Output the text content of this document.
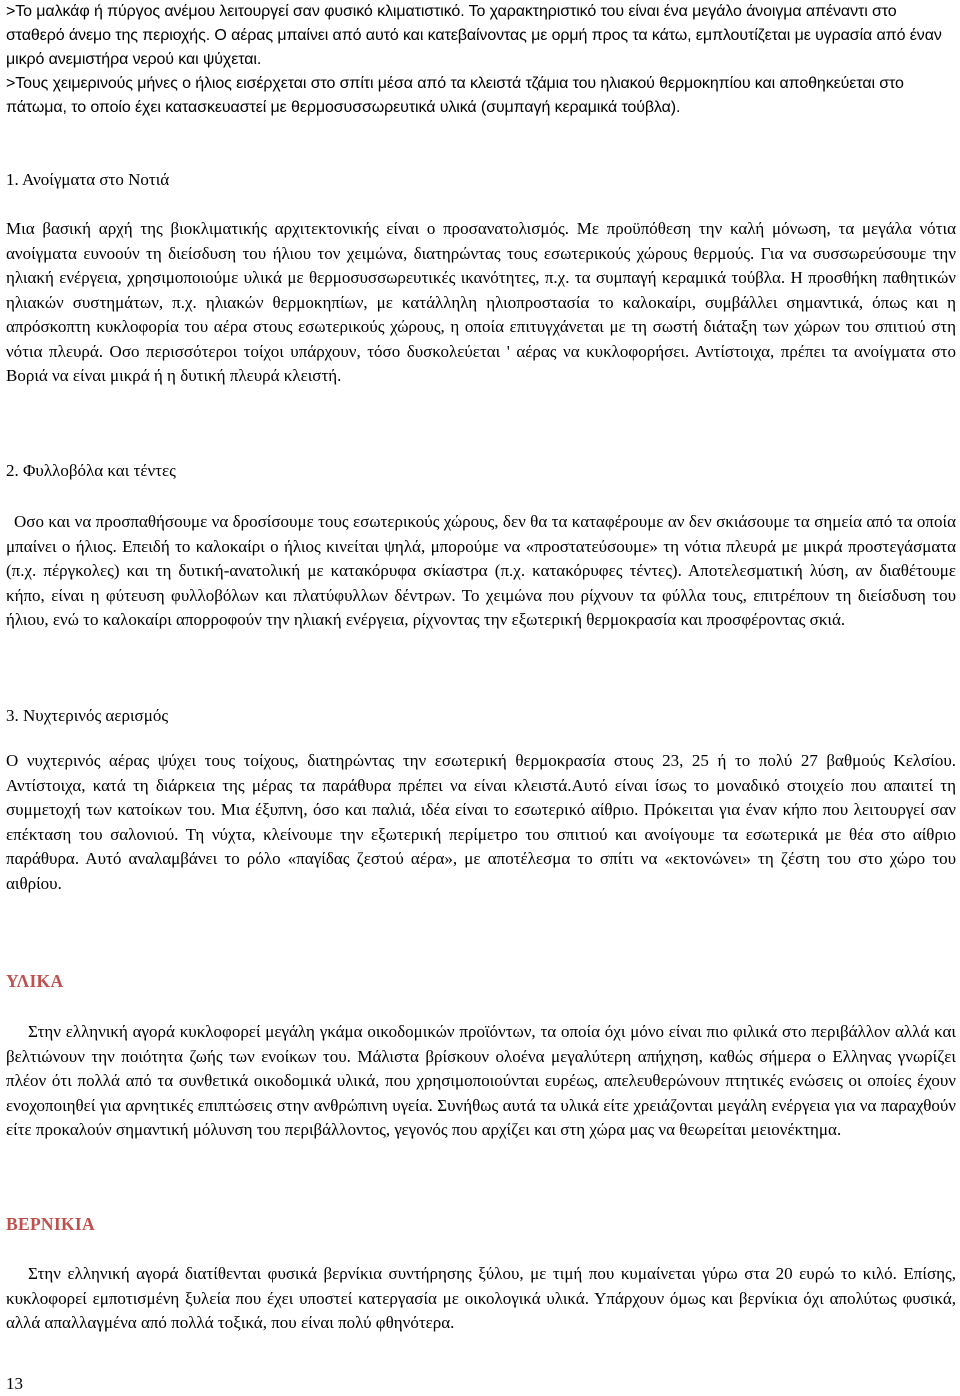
>Το μαλκάφ ή πύργος ανέμου λειτουργεί σαν φυσικό κλιματιστικό. Το χαρακτηριστικό του είναι ένα μεγάλο άνοιγμα απέναντι στο σταθερό άνεμο της περιοχής. Ο αέρας μπαίνει από αυτό και κατεβαίνοντας με ορμή προς τα κάτω, εμπλουτίζεται με υγρασία από έναν μικρό ανεμιστήρα νερού και ψύχεται.

>Τους χειμερινούς μήνες ο ήλιος εισέρχεται στο σπίτι μέσα από τα κλειστά τζάμια του ηλιακού θερμοκηπίου και αποθηκεύεται στο πάτωμα, το οποίο έχει κατασκευαστεί με θερμοσυσσωρευτικά υλικά (συμπαγή κεραμικά τούβλα).

1. Ανοίγματα στο Νοτιά

Μια βασική αρχή της βιοκλιματικής αρχιτεκτονικής είναι ο προσανατολισμός. Με προϋπόθεση την καλή μόνωση, τα μεγάλα νότια ανοίγματα ευνοούν τη διείσδυση του ήλιου τον χειμώνα, διατηρώντας τους εσωτερικούς χώρους θερμούς. Για να συσσωρεύσουμε την ηλιακή ενέργεια, χρησιμοποιούμε υλικά με θερμοσυσσωρευτικές ικανότητες, π.χ. τα συμπαγή κεραμικά τούβλα. Η προσθήκη παθητικών ηλιακών συστημάτων, π.χ. ηλιακών θερμοκηπίων, με κατάλληλη ηλιοπροστασία το καλοκαίρι, συμβάλλει σημαντικά, όπως και η απρόσκοπτη κυκλοφορία του αέρα στους εσωτερικούς χώρους, η οποία επιτυγχάνεται με τη σωστή διάταξη των χώρων του σπιτιού στη νότια πλευρά. Οσο περισσότεροι τοίχοι υπάρχουν, τόσο δυσκολεύεται ' αέρας να κυκλοφορήσει. Αντίστοιχα, πρέπει τα ανοίγματα στο Βοριά να είναι μικρά ή η δυτική πλευρά κλειστή.

2. Φυλλοβόλα και τέντες

Οσο και να προσπαθήσουμε να δροσίσουμε τους εσωτερικούς χώρους, δεν θα τα καταφέρουμε αν δεν σκιάσουμε τα σημεία από τα οποία μπαίνει ο ήλιος. Επειδή το καλοκαίρι ο ήλιος κινείται ψηλά, μπορούμε να «προστατεύσουμε» τη νότια πλευρά με μικρά προστεγάσματα (π.χ. πέργκολες) και τη δυτική-ανατολική με κατακόρυφα σκίαστρα (π.χ. κατακόρυφες τέντες). Αποτελεσματική λύση, αν διαθέτουμε κήπο, είναι η φύτευση φυλλοβόλων και πλατύφυλλων δέντρων. Το χειμώνα που ρίχνουν τα φύλλα τους, επιτρέπουν τη διείσδυση του ήλιου, ενώ το καλοκαίρι απορροφούν την ηλιακή ενέργεια, ρίχνοντας την εξωτερική θερμοκρασία και προσφέροντας σκιά.

3. Νυχτερινός αερισμός

Ο νυχτερινός αέρας ψύχει τους τοίχους, διατηρώντας την εσωτερική θερμοκρασία στους 23, 25 ή το πολύ 27 βαθμούς Κελσίου. Αντίστοιχα, κατά τη διάρκεια της μέρας τα παράθυρα πρέπει να είναι κλειστά.Αυτό είναι ίσως το μοναδικό στοιχείο που απαιτεί τη συμμετοχή των κατοίκων του. Μια έξυπνη, όσο και παλιά, ιδέα είναι το εσωτερικό αίθριο. Πρόκειται για έναν κήπο που λειτουργεί σαν επέκταση του σαλονιού. Τη νύχτα, κλείνουμε την εξωτερική περίμετρο του σπιτιού και ανοίγουμε τα εσωτερικά με θέα στο αίθριο παράθυρα. Αυτό αναλαμβάνει το ρόλο «παγίδας ζεστού αέρα», με αποτέλεσμα το σπίτι να «εκτονώνει» τη ζέστη του στο χώρο του αιθρίου.

ΥΛΙΚΑ

Στην ελληνική αγορά κυκλοφορεί μεγάλη γκάμα οικοδομικών προϊόντων, τα οποία όχι μόνο είναι πιο φιλικά στο περιβάλλον αλλά και βελτιώνουν την ποιότητα ζωής των ενοίκων του. Μάλιστα βρίσκουν ολοένα μεγαλύτερη απήχηση, καθώς σήμερα ο Ελληνας γνωρίζει πλέον ότι πολλά από τα συνθετικά οικοδομικά υλικά, που χρησιμοποιούνται ευρέως, απελευθερώνουν πτητικές ενώσεις οι οποίες έχουν ενοχοποιηθεί για αρνητικές επιπτώσεις στην ανθρώπινη υγεία. Συνήθως αυτά τα υλικά είτε χρειάζονται μεγάλη ενέργεια για να παραχθούν είτε προκαλούν σημαντική μόλυνση του περιβάλλοντος, γεγονός που αρχίζει και στη χώρα μας να θεωρείται μειονέκτημα.

ΒΕΡΝΙΚΙΑ

Στην ελληνική αγορά διατίθενται φυσικά βερνίκια συντήρησης ξύλου, με τιμή που κυμαίνεται γύρω στα 20 ευρώ το κιλό. Επίσης, κυκλοφορεί εμποτισμένη ξυλεία που έχει υποστεί κατεργασία με οικολογικά υλικά. Υπάρχουν όμως και βερνίκια όχι απολύτως φυσικά, αλλά απαλλαγμένα από πολλά τοξικά, που είναι πολύ φθηνότερα.

13
